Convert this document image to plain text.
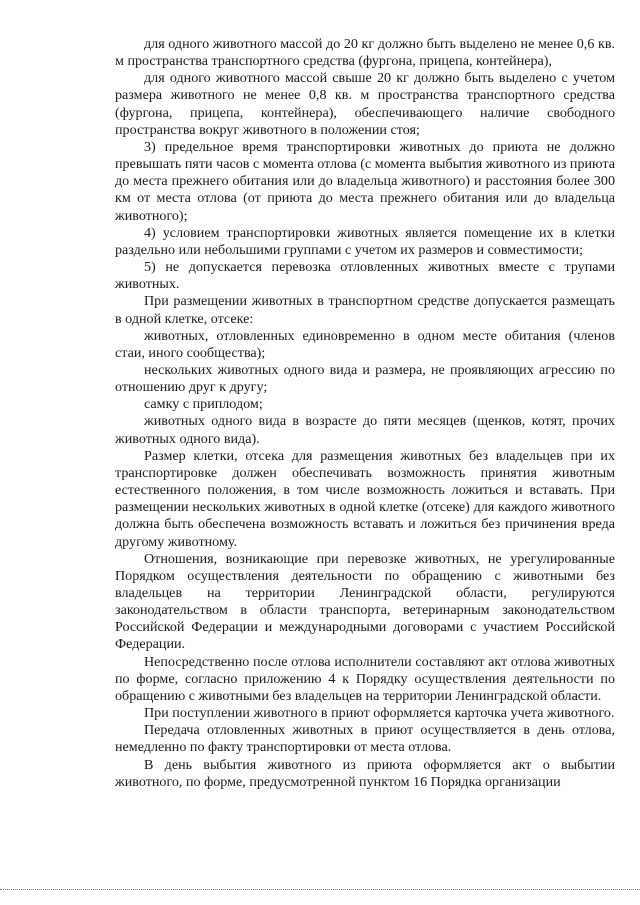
для одного животного массой до 20 кг должно быть выделено не менее 0,6 кв. м пространства транспортного средства (фургона, прицепа, контейнера),

для одного животного массой свыше 20 кг должно быть выделено с учетом размера животного не менее 0,8 кв. м пространства транспортного средства (фургона, прицепа, контейнера), обеспечивающего наличие свободного пространства вокруг животного в положении стоя;

3) предельное время транспортировки животных до приюта не должно превышать пяти часов с момента отлова (с момента выбытия животного из приюта до места прежнего обитания или до владельца животного) и расстояния более 300 км от места отлова (от приюта до места прежнего обитания или до владельца животного);

4) условием транспортировки животных является помещение их в клетки раздельно или небольшими группами с учетом их размеров и совместимости;

5) не допускается перевозка отловленных животных вместе с трупами животных.

При размещении животных в транспортном средстве допускается размещать в одной клетке, отсеке:

животных, отловленных единовременно в одном месте обитания (членов стаи, иного сообщества);

нескольких животных одного вида и размера, не проявляющих агрессию по отношению друг к другу;

самку с приплодом;

животных одного вида в возрасте до пяти месяцев (щенков, котят, прочих животных одного вида).

Размер клетки, отсека для размещения животных без владельцев при их транспортировке должен обеспечивать возможность принятия животным естественного положения, в том числе возможность ложиться и вставать. При размещении нескольких животных в одной клетке (отсеке) для каждого животного должна быть обеспечена возможность вставать и ложиться без причинения вреда другому животному.

Отношения, возникающие при перевозке животных, не урегулированные Порядком осуществления деятельности по обращению с животными без владельцев на территории Ленинградской области, регулируются законодательством в области транспорта, ветеринарным законодательством Российской Федерации и международными договорами с участием Российской Федерации.

Непосредственно после отлова исполнители составляют акт отлова животных по форме, согласно приложению 4 к Порядку осуществления деятельности по обращению с животными без владельцев на территории Ленинградской области.

При поступлении животного в приют оформляется карточка учета животного.

Передача отловленных животных в приют осуществляется в день отлова, немедленно по факту транспортировки от места отлова.

В день выбытия животного из приюта оформляется акт о выбытии животного, по форме, предусмотренной пунктом 16 Порядка организации
